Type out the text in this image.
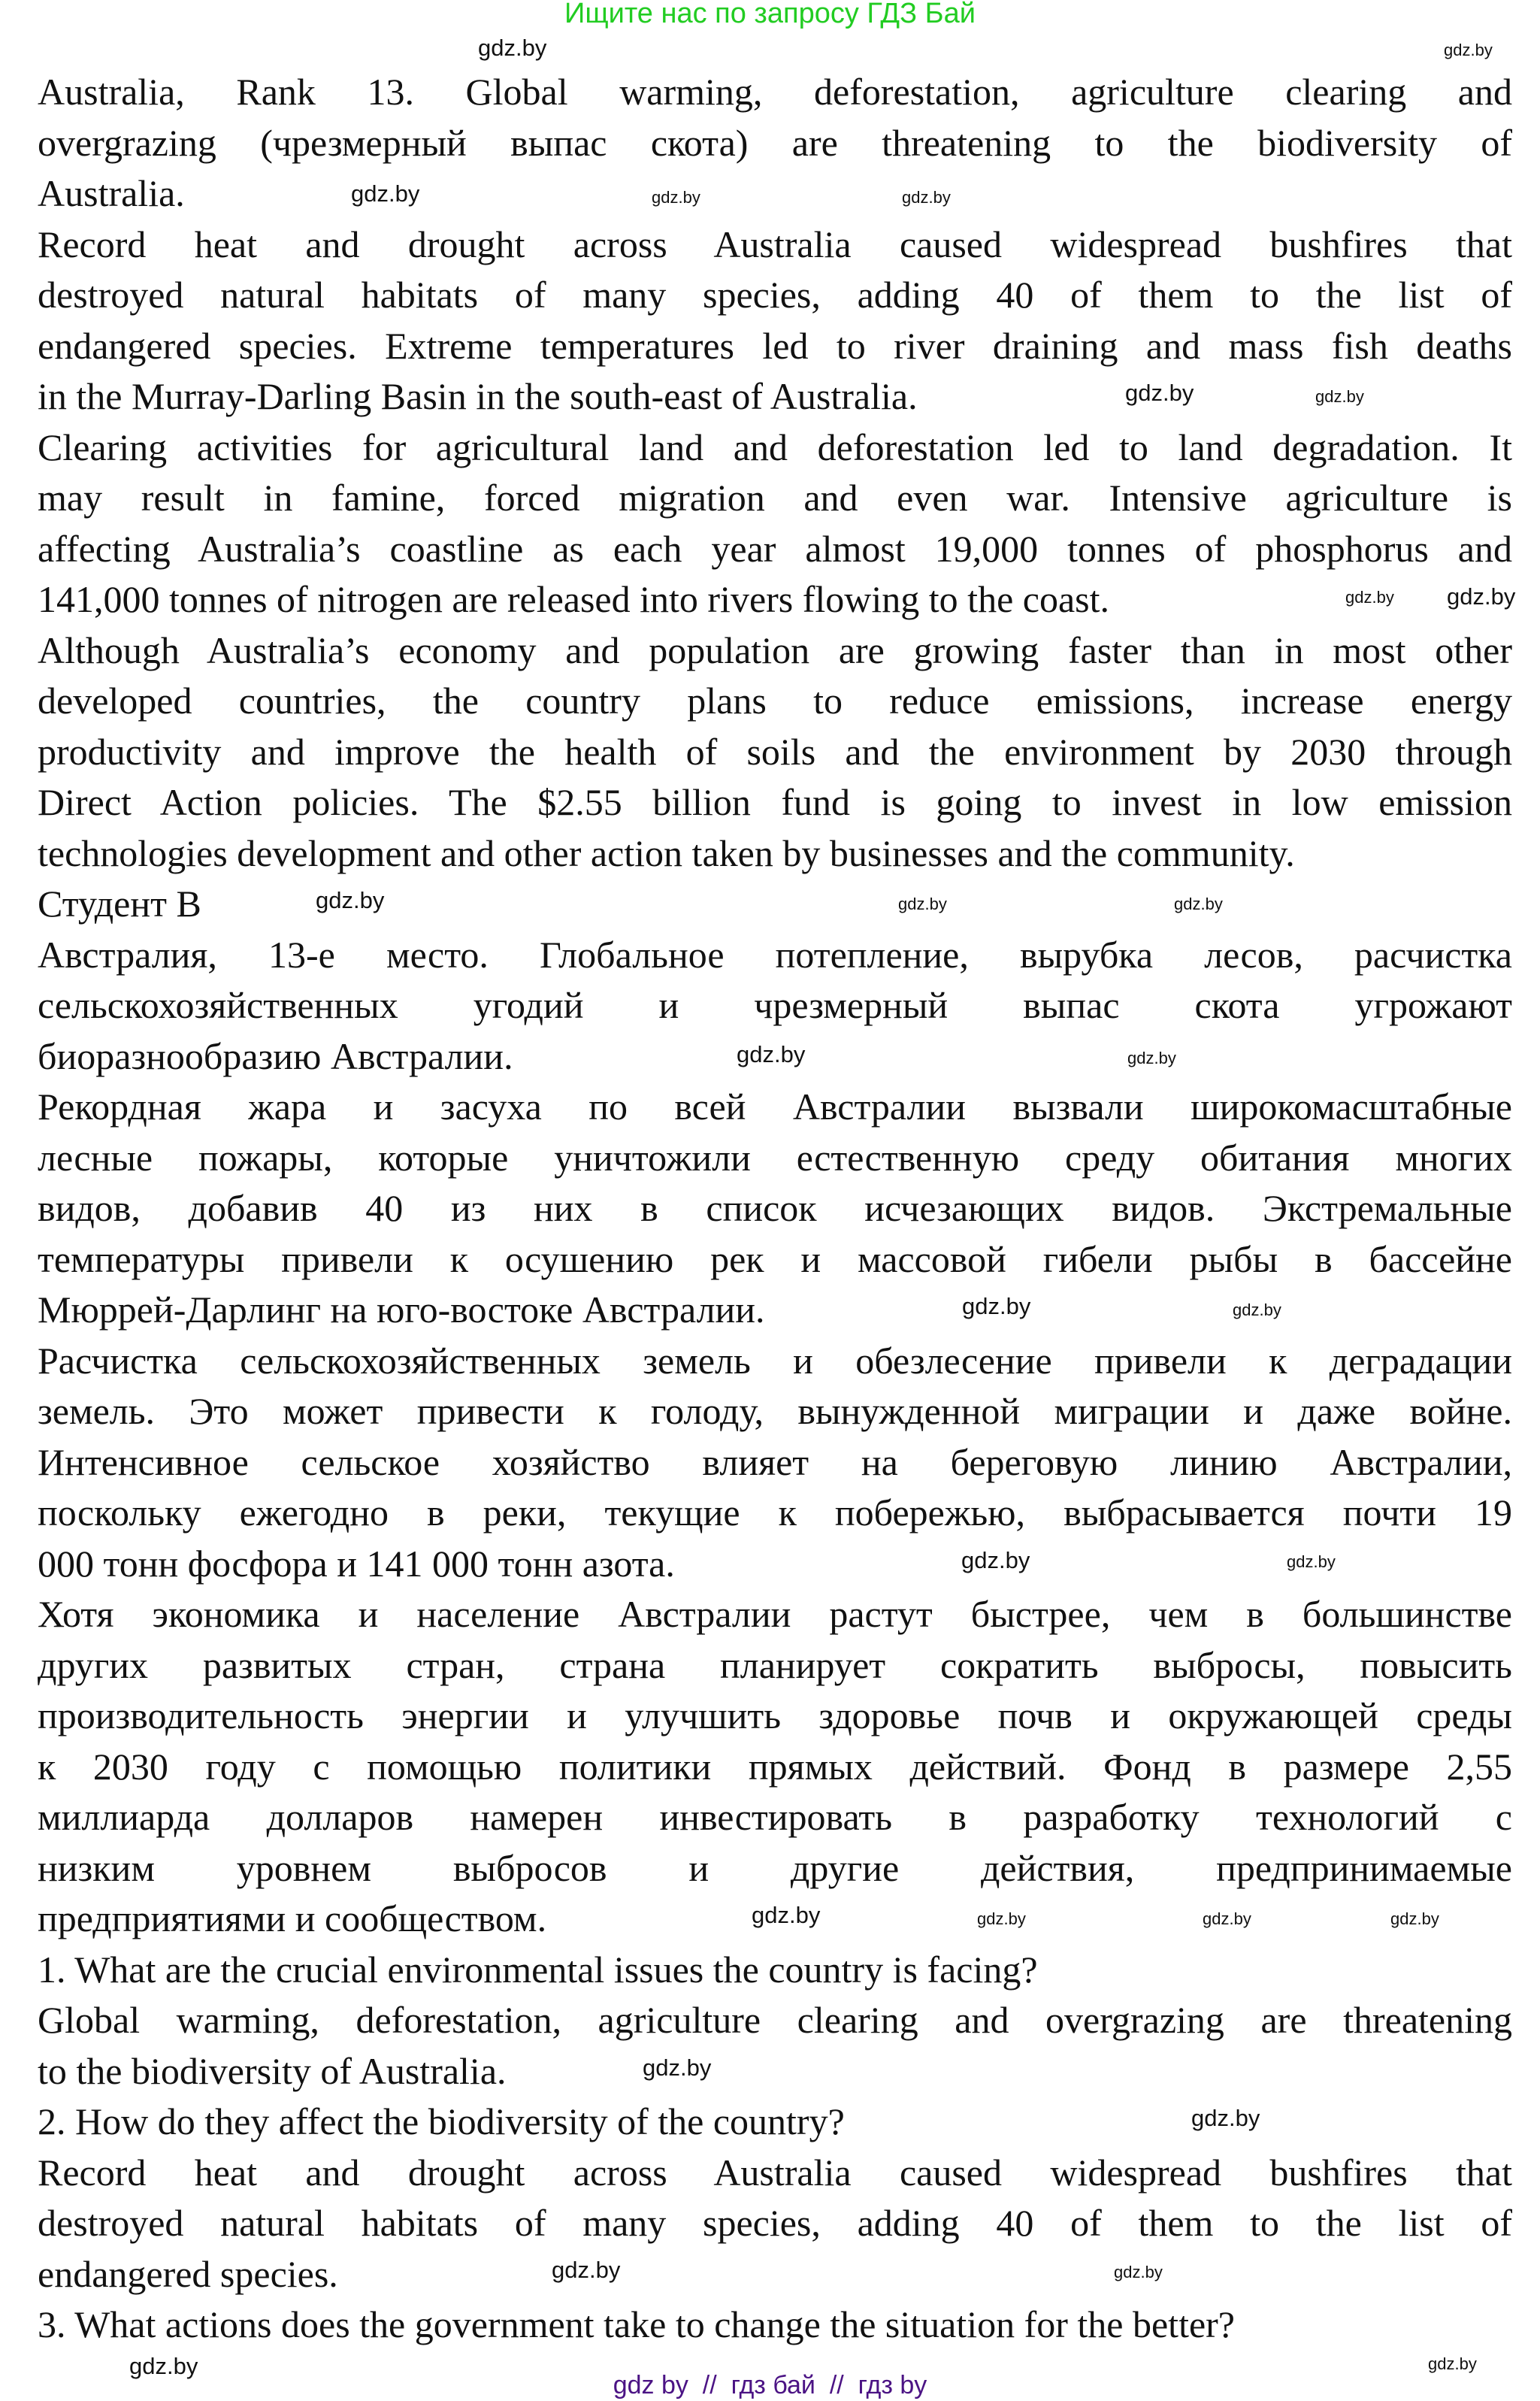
Ищите нас по запросу ГДЗ Бай
Australia, Rank 13. Global warming, deforestation, agriculture clearing and
overgrazing (чрезмерный выпас скота) are threatening to the biodiversity of
Australia.
Record heat and drought across Australia caused widespread bushfires that
destroyed natural habitats of many species, adding 40 of them to the list of
endangered species. Extreme temperatures led to river draining and mass fish deaths
in the Murray-Darling Basin in the south-east of Australia.
Clearing activities for agricultural land and deforestation led to land degradation. It
may result in famine, forced migration and even war. Intensive agriculture is
affecting Australia’s coastline as each year almost 19,000 tonnes of phosphorus and
141,000 tonnes of nitrogen are released into rivers flowing to the coast.
Although Australia’s economy and population are growing faster than in most other
developed countries, the country plans to reduce emissions, increase energy
productivity and improve the health of soils and the environment by 2030 through
Direct Action policies. The $2.55 billion fund is going to invest in low emission
technologies development and other action taken by businesses and the community.
Студент B
Австралия, 13-е место. Глобальное потепление, вырубка лесов, расчистка
сельскохозяйственных угодий и чрезмерный выпас скота угрожают
биоразнообразию Австралии.
Рекордная жара и засуха по всей Австралии вызвали широкомасштабные
лесные пожары, которые уничтожили естественную среду обитания многих
видов, добавив 40 из них в список исчезающих видов. Экстремальные
температуры привели к осушению рек и массовой гибели рыбы в бассейне
Мюррей-Дарлинг на юго-востоке Австралии.
Расчистка сельскохозяйственных земель и обезлесение привели к деградации
земель. Это может привести к голоду, вынужденной миграции и даже войне.
Интенсивное сельское хозяйство влияет на береговую линию Австралии,
поскольку ежегодно в реки, текущие к побережью, выбрасывается почти 19
000 тонн фосфора и 141 000 тонн азота.
Хотя экономика и население Австралии растут быстрее, чем в большинстве
других развитых стран, страна планирует сократить выбросы, повысить
производительность энергии и улучшить здоровье почв и окружающей среды
к 2030 году с помощью политики прямых действий. Фонд в размере 2,55
миллиарда долларов намерен инвестировать в разработку технологий с
низким уровнем выбросов и другие действия, предпринимаемые
предприятиями и сообществом.
1. What are the crucial environmental issues the country is facing?
Global warming, deforestation, agriculture clearing and overgrazing are threatening
to the biodiversity of Australia.
2. How do they affect the biodiversity of the country?
Record heat and drought across Australia caused widespread bushfires that
destroyed natural habitats of many species, adding 40 of them to the list of
endangered species.
3. What actions does the government take to change the situation for the better?
gdz.by	gdz.by
gdz.by	gdz.by	gdz.by
gdz.by	gdz.by
gdz.by gdz.by
gdz.by	gdz.by	gdz.by
gdz.by	gdz.by
gdz.by	gdz.by
gdz.by	gdz.by
gdz.by	gdz.by	gdz.by	gdz.by
gdz.by
gdz.by
gdz.by	gdz.by
gdz.by
gdz.by
gdz by  //  гдз бай  //  гдз by
